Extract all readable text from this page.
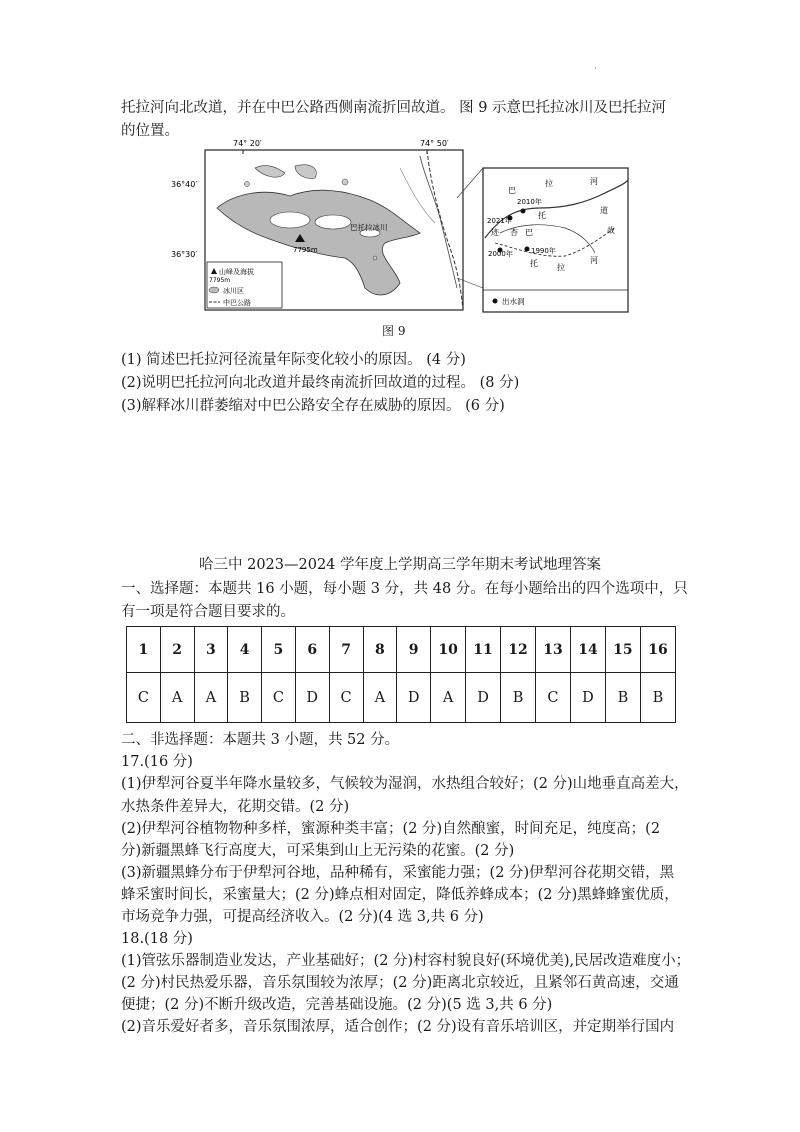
·
托拉河向北改道，并在中巴公路西侧南流折回故道。 图 9 示意巴托拉冰川及巴托拉河
的位置。
74° 20′	74° 50′
36°40′
36°30′	7795m
巴托拉冰川
山峰及海拔
7795m
冰川区
中巴公路
巴
拉	河
托
道
故
迹 杏 巴
托 拉
河
2010年
2021年
2000年	1990年
出水洞
图 9
(1) 简述巴托拉河径流量年际变化较小的原因。 (4 分)
(2)说明巴托拉河向北改道并最终南流折回故道的过程。 (8 分)
(3)解释冰川群萎缩对中巴公路安全存在威胁的原因。 (6 分)
哈三中 2023—2024 学年度上学期高三学年期末考试地理答案
一、选择题：本题共 16 小题，每小题 3 分，共 48 分。在每小题给出的四个选项中，只
有一项是符合题目要求的。
1	2	3	4	5	6	7	8	9	10	11	12	13	14	15	16
C	A	A	B	C	D	C	A	D	A	D	B	C	D	B	B
二、非选择题：本题共 3 小题，共 52 分。
17.(16 分)
(1)伊犁河谷夏半年降水量较多，气候较为湿润，水热组合较好；(2 分)山地垂直高差大，
水热条件差异大，花期交错。(2 分)
(2)伊犁河谷植物物种多样，蜜源种类丰富；(2 分)自然酿蜜，时间充足，纯度高；(2
分)新疆黑蜂飞行高度大，可采集到山上无污染的花蜜。(2 分)
(3)新疆黑蜂分布于伊犁河谷地，品种稀有，采蜜能力强；(2 分)伊犁河谷花期交错，黑
蜂采蜜时间长，采蜜量大；(2 分)蜂点相对固定，降低养蜂成本；(2 分)黑蜂蜂蜜优质，
市场竞争力强，可提高经济收入。(2 分)(4 选 3,共 6 分)
18.(18 分)
(1)管弦乐器制造业发达，产业基础好；(2 分)村容村貌良好(环境优美),民居改造难度小；
(2 分)村民热爱乐器，音乐氛围较为浓厚；(2 分)距离北京较近，且紧邻石黄高速，交通
便捷；(2 分)不断升级改造，完善基础设施。(2 分)(5 选 3,共 6 分)
(2)音乐爱好者多，音乐氛围浓厚，适合创作；(2 分)设有音乐培训区，并定期举行国内
